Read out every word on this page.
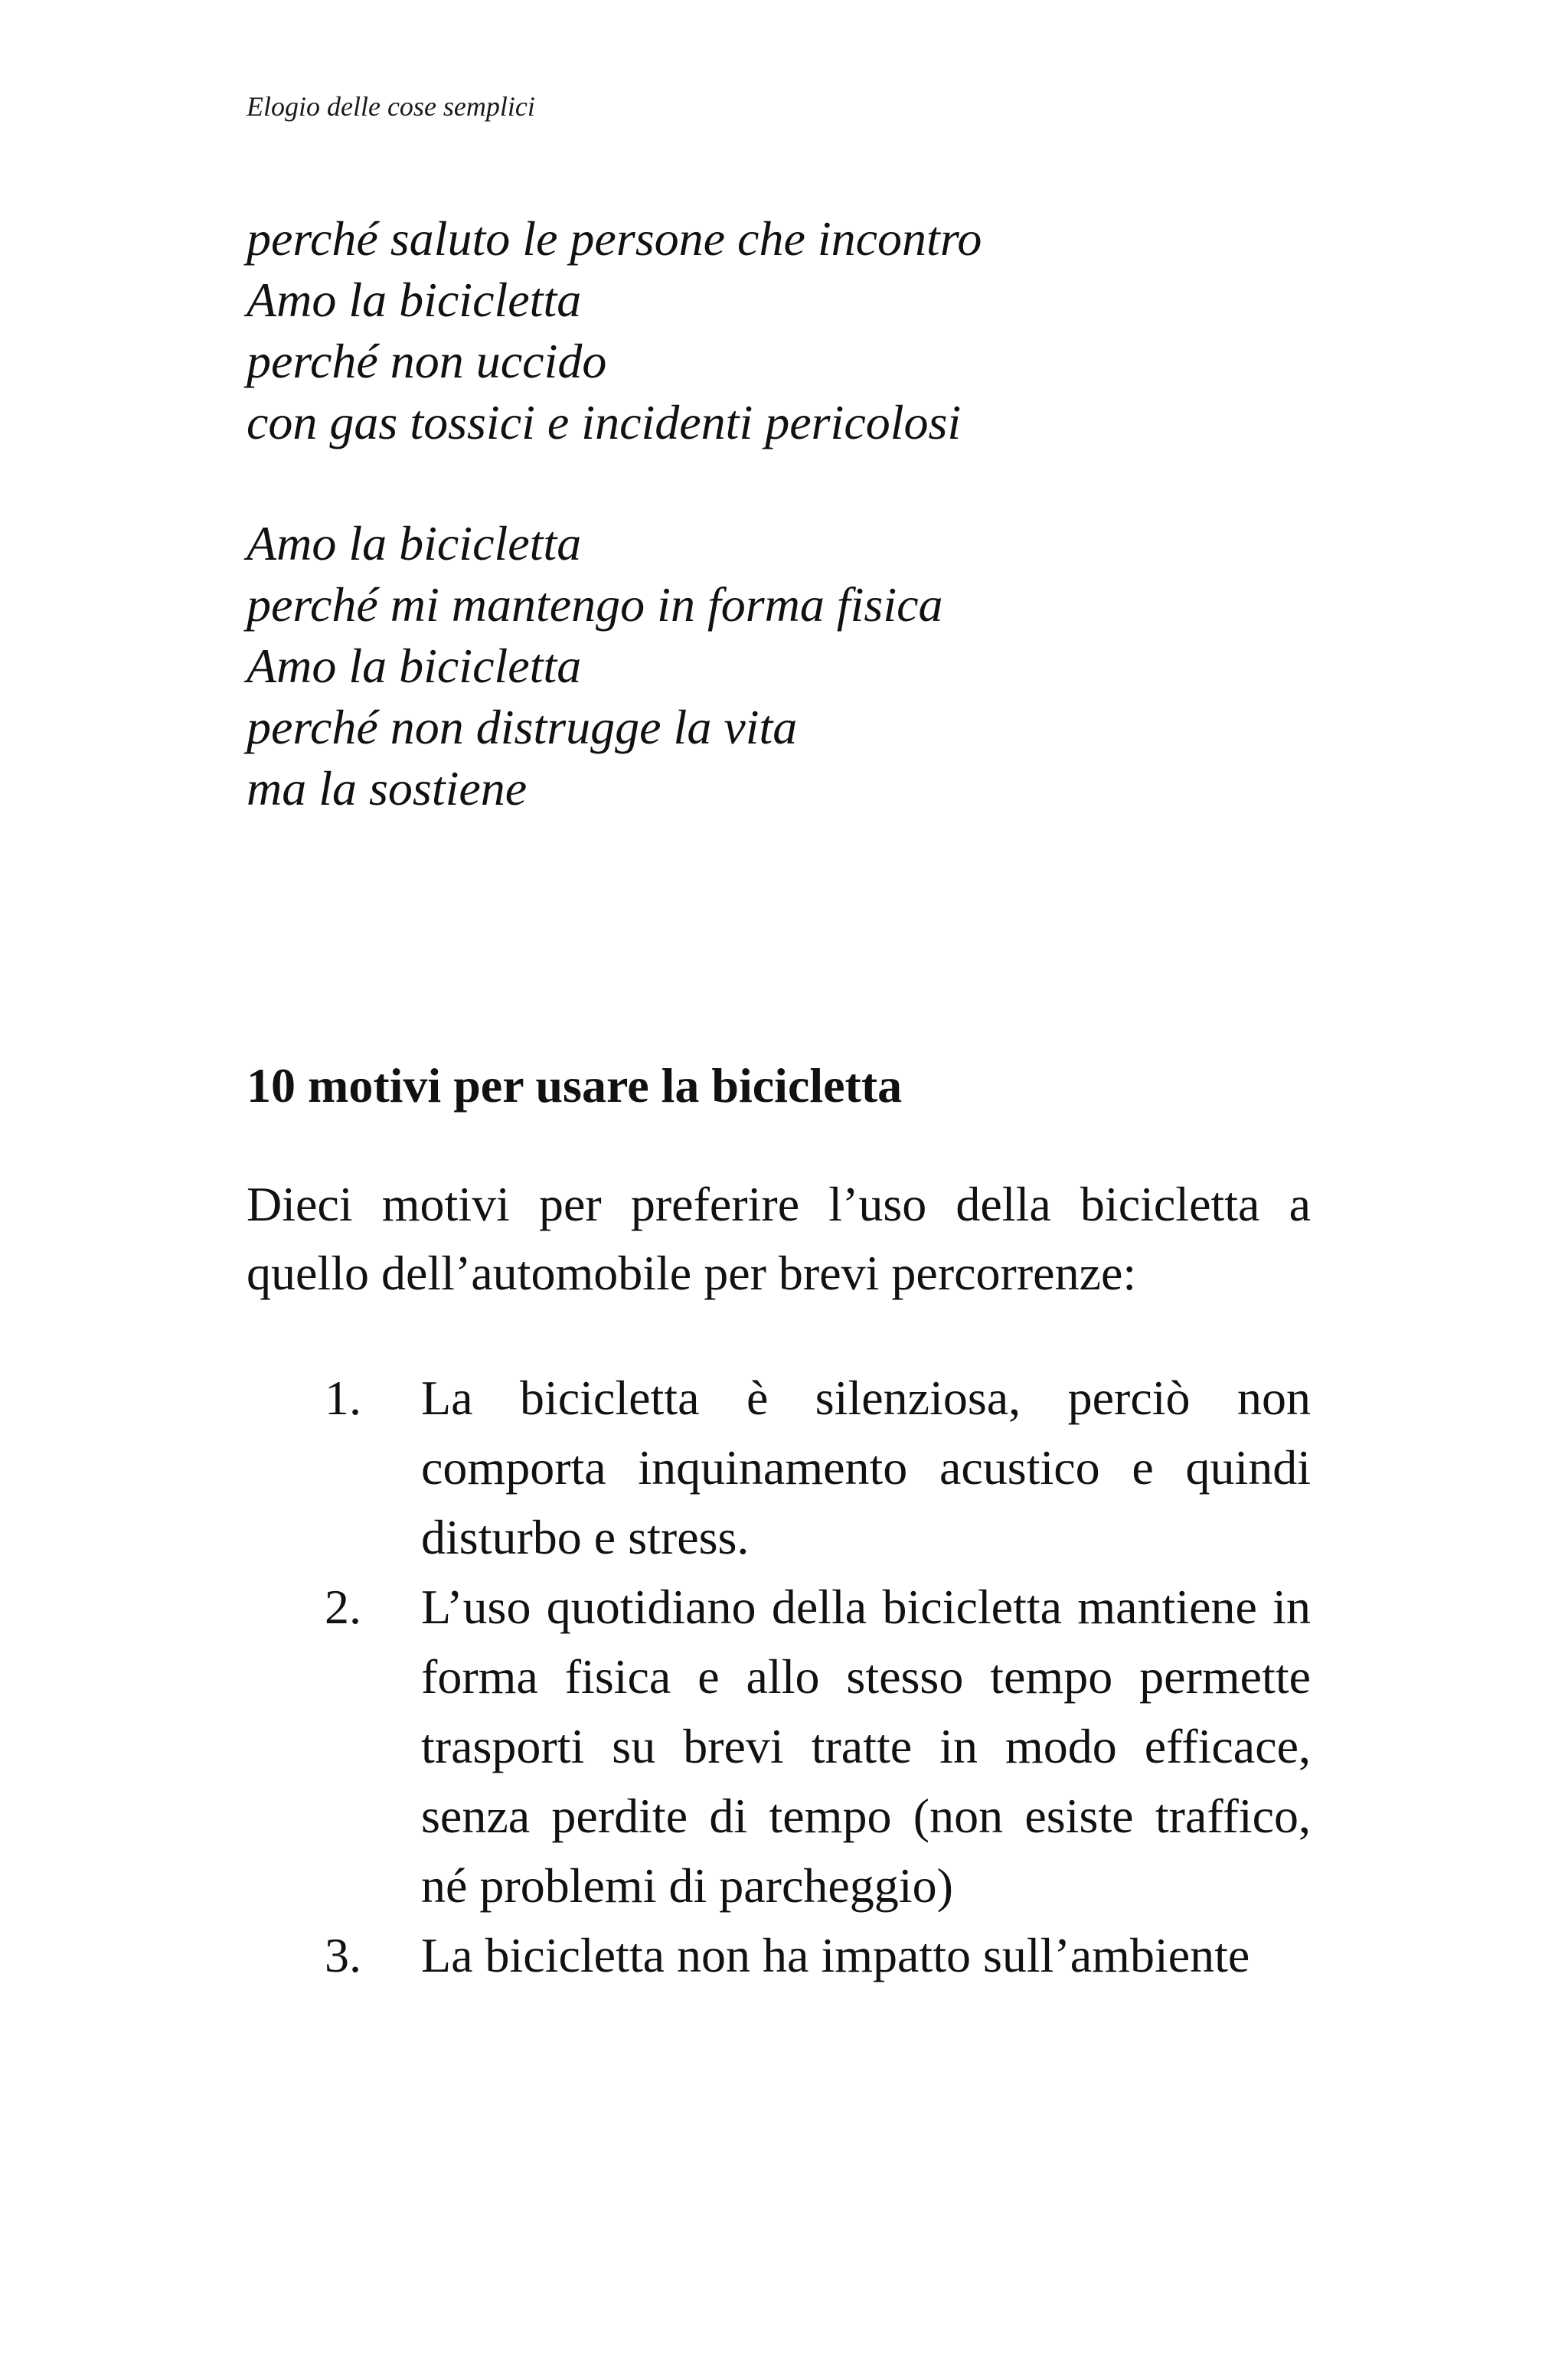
Elogio delle cose semplici
perché saluto le persone che incontro
Amo la bicicletta
perché non uccido
con gas tossici e incidenti pericolosi
Amo la bicicletta
perché mi mantengo in forma fisica
Amo la bicicletta
perché non distrugge la vita
ma la sostiene
10 motivi per usare la bicicletta

Dieci motivi per preferire l’uso della bicicletta a quello dell’automobile per brevi percorrenze:

1. La bicicletta è silenziosa, perciò non comporta inquinamento acustico e quindi disturbo e stress.
2. L’uso quotidiano della bicicletta mantiene in forma fisica e allo stesso tempo permette trasporti su brevi tratte in modo efficace, senza perdite di tempo (non esiste traffico, né problemi di parcheggio)
3. La bicicletta non ha impatto sull’ambiente
